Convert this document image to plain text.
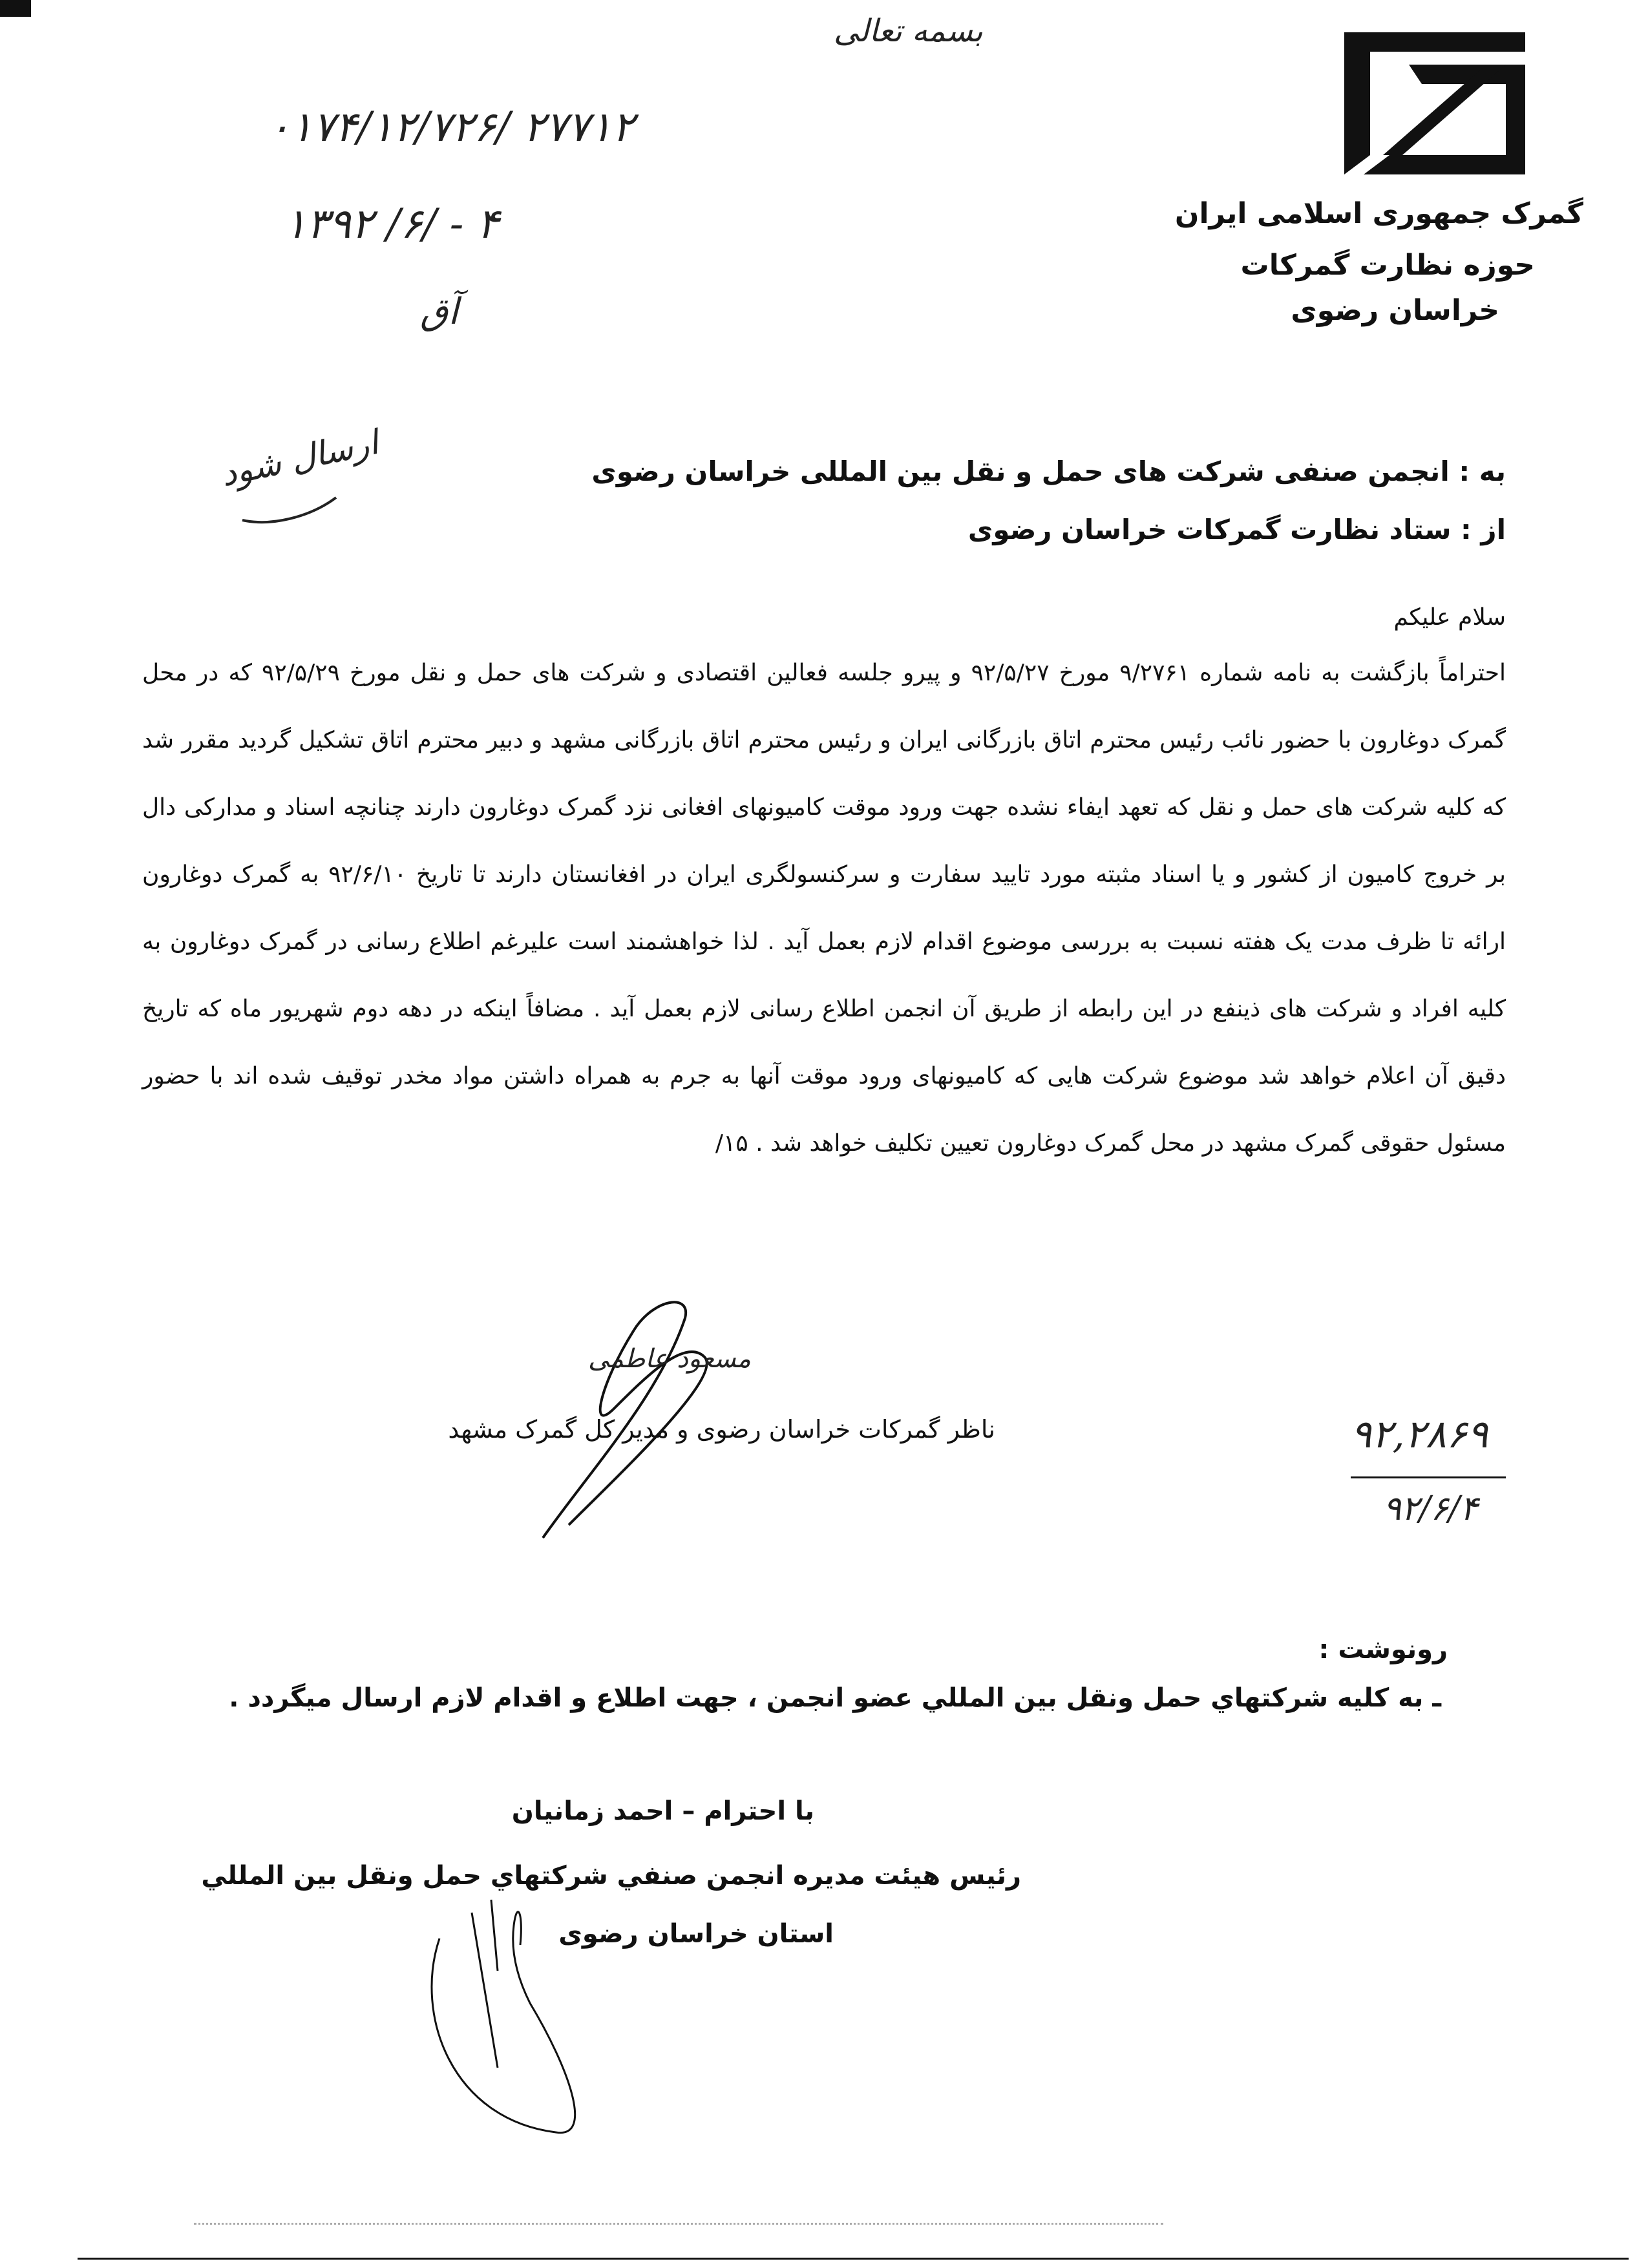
بسمه تعالی
گمرک جمهوری اسلامی ایران
حوزه نظارت گمرکات
خراسان رضوی
۰۱۷۴/۱۲/۷۲۶/ ۲۷۷۱۲
۱۳۹۲ /۶/ - ۴
آق
ارسال شود	به : انجمن صنفی شرکت های حمل و نقل بین المللی خراسان رضوی
از : ستاد نظارت گمرکات خراسان رضوی
سلام علیکم

احتراماً بازگشت به نامه شماره ۹/۲۷۶۱ مورخ ۹۲/۵/۲۷ و پیرو جلسه فعالین اقتصادی و شرکت های حمل و نقل مورخ ۹۲/۵/۲۹ که در محل گمرک دوغارون با حضور نائب رئیس محترم اتاق بازرگانی ایران و رئیس محترم اتاق بازرگانی مشهد و دبیر محترم اتاق تشکیل گردید مقرر شد که کلیه شرکت های حمل و نقل که تعهد ایفاء نشده جهت ورود موقت کامیونهای افغانی نزد گمرک دوغارون دارند چنانچه اسناد و مدارکی دال بر خروج کامیون از کشور و یا اسناد مثبته مورد تایید سفارت و سرکنسولگری ایران در افغانستان دارند تا تاریخ ۹۲/۶/۱۰ به گمرک دوغارون ارائه تا ظرف مدت یک هفته نسبت به بررسی موضوع اقدام لازم بعمل آید . لذا خواهشمند است علیرغم اطلاع رسانی در گمرک دوغارون به کلیه افراد و شرکت های ذینفع در این رابطه از طریق آن انجمن اطلاع رسانی لازم بعمل آید . مضافاً اینکه در دهه دوم شهریور ماه که تاریخ دقیق آن اعلام خواهد شد موضوع شرکت هایی که کامیونهای ورود موقت آنها به جرم به همراه داشتن مواد مخدر توقیف شده اند با حضور مسئول حقوقی گمرک مشهد در محل گمرک دوغارون تعیین تکلیف خواهد شد . ۱۵/

مسعود عاطمی
ناظر گمرکات خراسان رضوی و مدیر کل گمرک مشهد	۹۲,۲۸۶۹
۹۲/۶/۴
رونوشت :
ـ به كليه شركتهاي حمل ونقل بين المللي عضو انجمن ، جهت اطلاع و اقدام لازم ارسال ميگردد .
با احترام – احمد زمانیان
رئيس هيئت مديره انجمن صنفي شركتهاي حمل ونقل بين المللي
استان خراسان رضوی
